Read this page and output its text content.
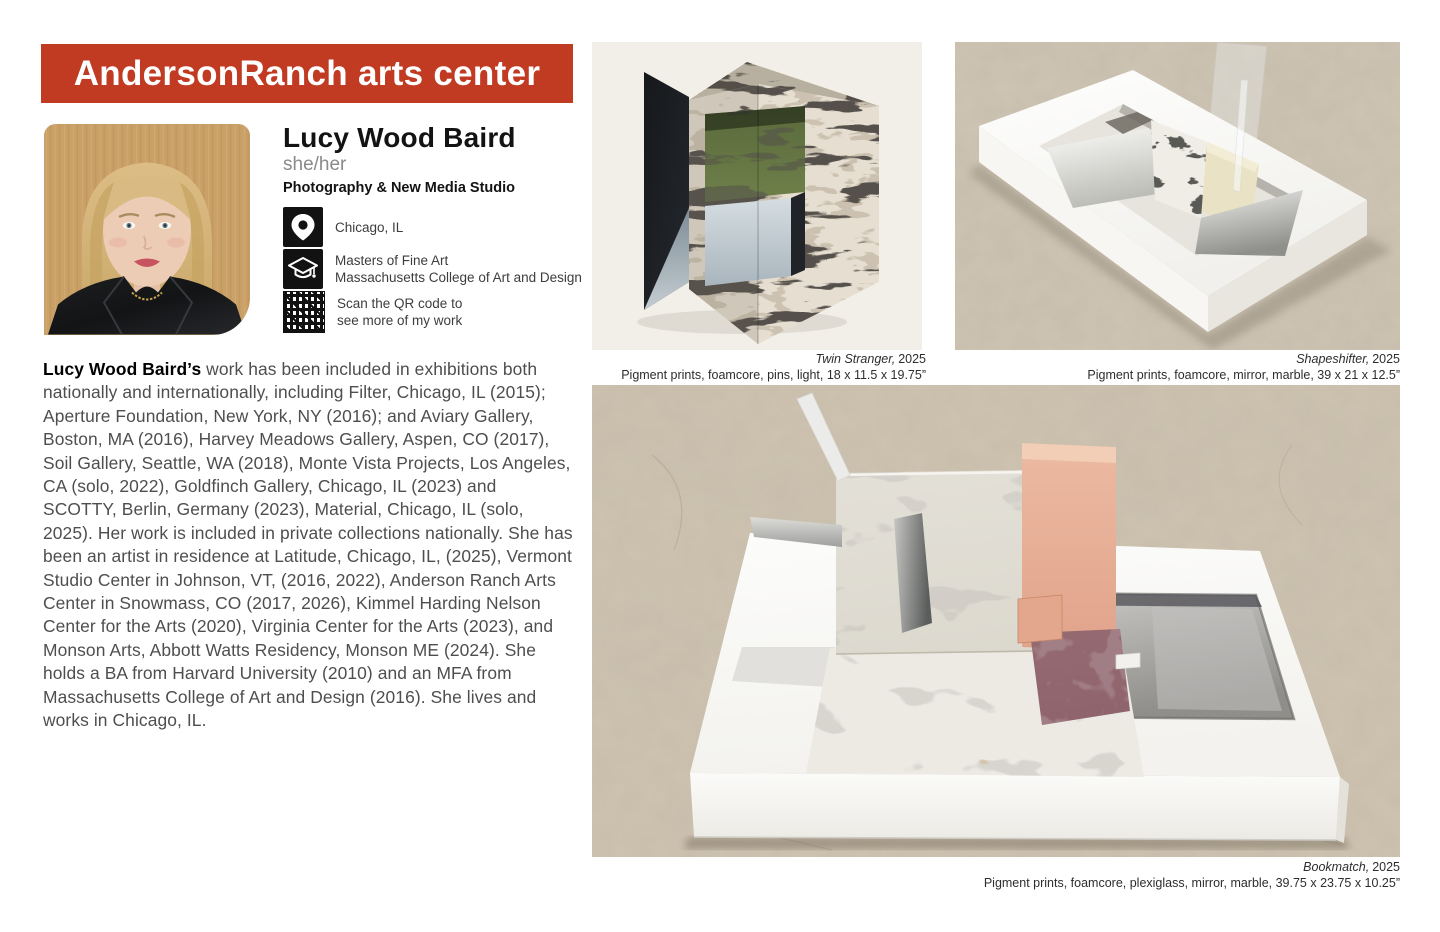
AndersonRanch arts center
Lucy Wood Baird
she/her
Photography & New Media Studio
Chicago, IL
Masters of Fine Art
Massachusetts College of Art and Design
Scan the QR code to
see more of my work

Lucy Wood Baird’s work has been included in exhibitions both nationally and internationally, including Filter, Chicago, IL (2015); Aperture Foundation, New York, NY (2016); and Aviary Gallery, Boston, MA (2016), Harvey Meadows Gallery, Aspen, CO (2017), Soil Gallery, Seattle, WA (2018), Monte Vista Projects, Los Angeles, CA (solo, 2022), Goldfinch Gallery, Chicago, IL (2023) and SCOTTY, Berlin, Germany (2023), Material, Chicago, IL (solo, 2025). Her work is included in private collections nationally. She has been an artist in residence at Latitude, Chicago, IL, (2025), Vermont Studio Center in Johnson, VT, (2016, 2022), Anderson Ranch Arts Center in Snowmass, CO (2017, 2026), Kimmel Harding Nelson Center for the Arts (2020), Virginia Center for the Arts (2023), and Monson Arts, Abbott Watts Residency, Monson ME (2024). She holds a BA from Harvard University (2010) and an MFA from Massachusetts College of Art and Design (2016). She lives and works in Chicago, IL.

Twin Stranger, 2025
Pigment prints, foamcore, pins, light, 18 x 11.5 x 19.75”
Shapeshifter, 2025
Pigment prints, foamcore, mirror, marble, 39 x 21 x 12.5”
Bookmatch, 2025
Pigment prints, foamcore, plexiglass, mirror, marble, 39.75 x 23.75 x 10.25”
